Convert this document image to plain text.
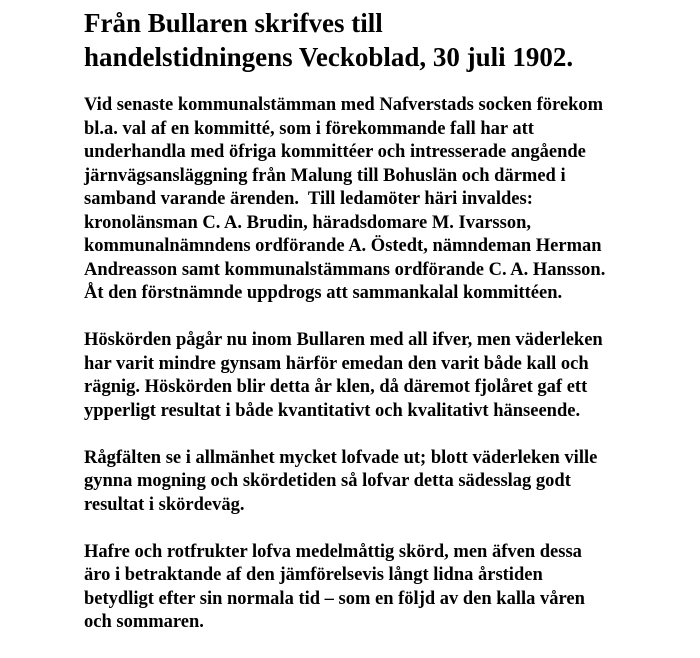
Från Bullaren skrifves till
handelstidningens Veckoblad, 30 juli 1902.

Vid senaste kommunalstämman med Nafverstads socken förekom
bl.a. val af en kommitté, som i förekommande fall har att
underhandla med öfriga kommittéer och intresserade angående
järnvägsansläggning från Malung till Bohuslän och därmed i
samband varande ärenden.  Till ledamöter häri invaldes:
kronolänsman C. A. Brudin, häradsdomare M. Ivarsson,
kommunalnämndens ordförande A. Östedt, nämndeman Herman
Andreasson samt kommunalstämmans ordförande C. A. Hansson.
Åt den förstnämnde uppdrogs att sammankalal kommittéen.

Höskörden pågår nu inom Bullaren med all ifver, men väderleken
har varit mindre gynsam härför emedan den varit både kall och
rägnig. Höskörden blir detta år klen, då däremot fjolåret gaf ett
ypperligt resultat i både kvantitativt och kvalitativt hänseende.

Rågfälten se i allmänhet mycket lofvade ut; blott väderleken ville
gynna mogning och skördetiden så lofvar detta sädesslag godt
resultat i skördeväg.

Hafre och rotfrukter lofva medelmåttig skörd, men äfven dessa
äro i betraktande af den jämförelsevis långt lidna årstiden
betydligt efter sin normala tid – som en följd av den kalla våren
och sommaren.
